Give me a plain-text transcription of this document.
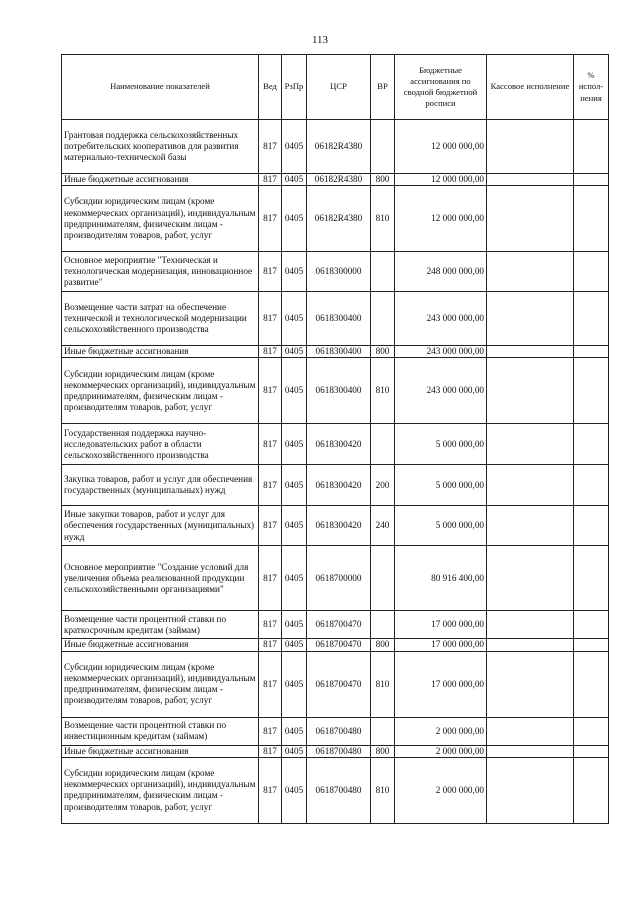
113
Наименование показателей	Вед	РзПр	ЦСР	ВР	Бюджетные ассигнования по сводной бюджетной росписи	Кассовое исполнение	% испол-нения
Грантовая поддержка сельскохозяйственных потребительских кооперативов для развития материально-технической базы	817	0405	06182R4380		12 000 000,00		
Иные бюджетные ассигнования	817	0405	06182R4380	800	12 000 000,00		
Субсидии юридическим лицам (кроме некоммерческих организаций), индивидуальным предпринимателям, физическим лицам - производителям товаров, работ, услуг	817	0405	06182R4380	810	12 000 000,00		
Основное мероприятие "Техническая и технологическая модернизация, инновационное развитие"	817	0405	0618300000		248 000 000,00		
Возмещение части затрат на обеспечение технической и технологической модернизации сельскохозяйственного производства	817	0405	0618300400		243 000 000,00		
Иные бюджетные ассигнования	817	0405	0618300400	800	243 000 000,00		
Субсидии юридическим лицам (кроме некоммерческих организаций), индивидуальным предпринимателям, физическим лицам - производителям товаров, работ, услуг	817	0405	0618300400	810	243 000 000,00		
Государственная поддержка научно-исследовательских работ в области сельскохозяйственного производства	817	0405	0618300420		5 000 000,00		
Закупка товаров, работ и услуг для обеспечения государственных (муниципальных) нужд	817	0405	0618300420	200	5 000 000,00		
Иные закупки товаров, работ и услуг для обеспечения государственных (муниципальных) нужд	817	0405	0618300420	240	5 000 000,00		
Основное мероприятие "Создание условий для увеличения объема реализованной продукции сельскохозяйственными организациями"	817	0405	0618700000		80 916 400,00		
Возмещение части процентной ставки по краткосрочным кредитам (займам)	817	0405	0618700470		17 000 000,00		
Иные бюджетные ассигнования	817	0405	0618700470	800	17 000 000,00		
Субсидии юридическим лицам (кроме некоммерческих организаций), индивидуальным предпринимателям, физическим лицам - производителям товаров, работ, услуг	817	0405	0618700470	810	17 000 000,00		
Возмещение части процентной ставки по инвестиционным кредитам (займам)	817	0405	0618700480		2 000 000,00		
Иные бюджетные ассигнования	817	0405	0618700480	800	2 000 000,00		
Субсидии юридическим лицам (кроме некоммерческих организаций), индивидуальным предпринимателям, физическим лицам - производителям товаров, работ, услуг	817	0405	0618700480	810	2 000 000,00		
